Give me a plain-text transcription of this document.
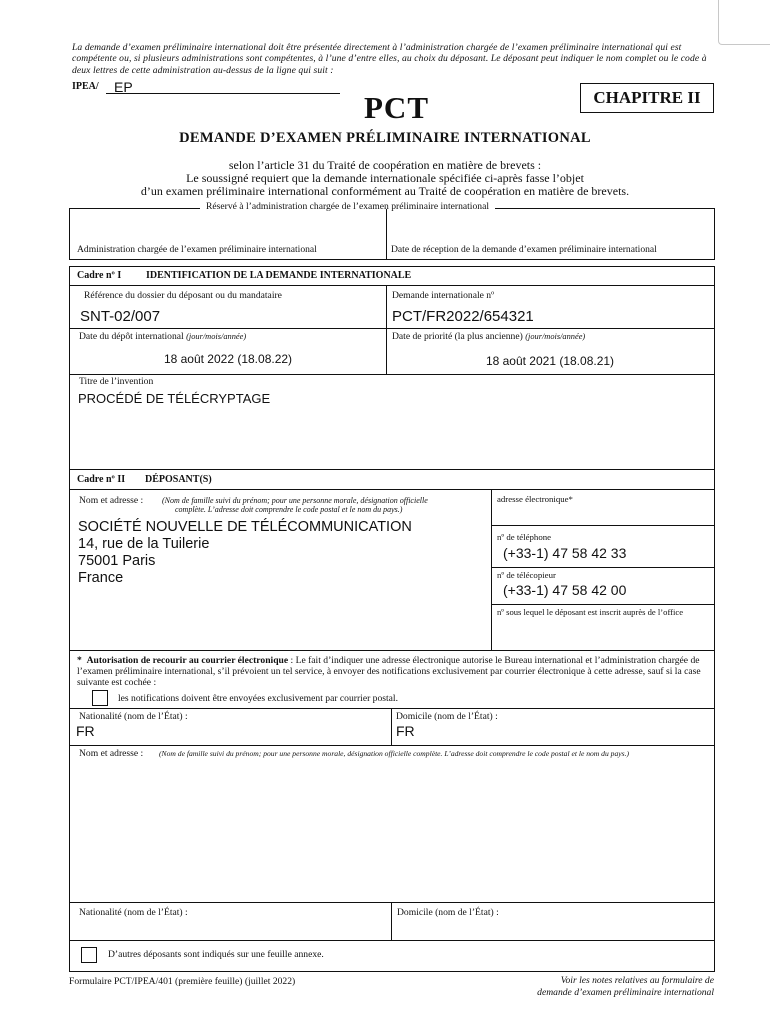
La demande d’examen préliminaire international doit être présentée directement à l’administration chargée de l’examen préliminaire international qui est compétente ou, si plusieurs administrations sont compétentes, à l’une d’entre elles, au choix du déposant. Le déposant peut indiquer le nom complet ou le code à deux lettres de cette administration au-dessus de la ligne qui suit :
IPEA/ EP
PCT	CHAPITRE II
DEMANDE D’EXAMEN PRÉLIMINAIRE INTERNATIONAL
selon l’article 31 du Traité de coopération en matière de brevets :
Le soussigné requiert que la demande internationale spécifiée ci-après fasse l’objet
d’un examen préliminaire international conformément au Traité de coopération en matière de brevets.
Réservé à l’administration chargée de l’examen préliminaire international
Administration chargée de l’examen préliminaire international	Date de réception de la demande d’examen préliminaire international
Cadre nº I IDENTIFICATION DE LA DEMANDE INTERNATIONALE
Référence du dossier du déposant ou du mandataire	Demande internationale nº
SNT-02/007	PCT/FR2022/654321
Date du dépôt international (jour/mois/année)	Date de priorité (la plus ancienne) (jour/mois/année)
18 août 2022 (18.08.22)	18 août 2021 (18.08.21)
Titre de l’invention
PROCÉDÉ DE TÉLÉCRYPTAGE
Cadre nº II DÉPOSANT(S)
Nom et adresse : (Nom de famille suivi du prénom; pour une personne morale, désignation officielle
complète. L’adresse doit comprendre le code postal et le nom du pays.)
SOCIÉTÉ NOUVELLE DE TÉLÉCOMMUNICATION
14, rue de la Tuilerie
75001 Paris
France
adresse électronique*
nº de téléphone
(+33-1) 47 58 42 33
nº de télécopieur
(+33-1) 47 58 42 00
nº sous lequel le déposant est inscrit auprès de l’office
* Autorisation de recourir au courrier électronique : Le fait d’indiquer une adresse électronique autorise le Bureau international et l’administration chargée de l’examen préliminaire international, s’il prévoient un tel service, à envoyer des notifications exclusivement par courrier électronique à cette adresse, sauf si la case suivante est cochée :
les notifications doivent être envoyées exclusivement par courrier postal.
Nationalité (nom de l’État) :	Domicile (nom de l’État) :
FR	FR
Nom et adresse : (Nom de famille suivi du prénom; pour une personne morale, désignation officielle complète. L’adresse doit comprendre le code postal et le nom du pays.)
Nationalité (nom de l’État) :	Domicile (nom de l’État) :
D’autres déposants sont indiqués sur une feuille annexe.
Formulaire PCT/IPEA/401 (première feuille) (juillet 2022)	Voir les notes relatives au formulaire de
demande d’examen préliminaire international
